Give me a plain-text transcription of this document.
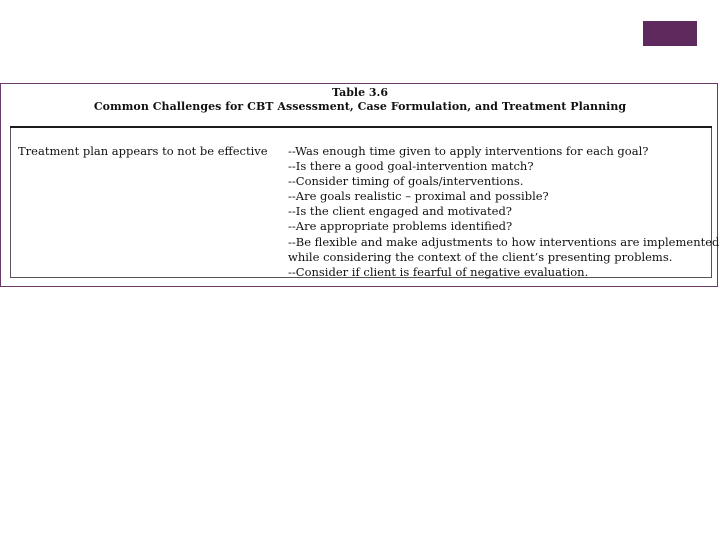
Table 3.6
Common Challenges for CBT Assessment, Case Formulation, and Treatment Planning
Treatment plan appears to not be effective	--Was enough time given to apply interventions for each goal?
--Is there a good goal-intervention match?
--Consider timing of goals/interventions.
--Are goals realistic – proximal and possible?
--Is the client engaged and motivated?
--Are appropriate problems identified?
--Be flexible and make adjustments to how interventions are implemented
while considering the context of the client’s presenting problems.
--Consider if client is fearful of negative evaluation.
